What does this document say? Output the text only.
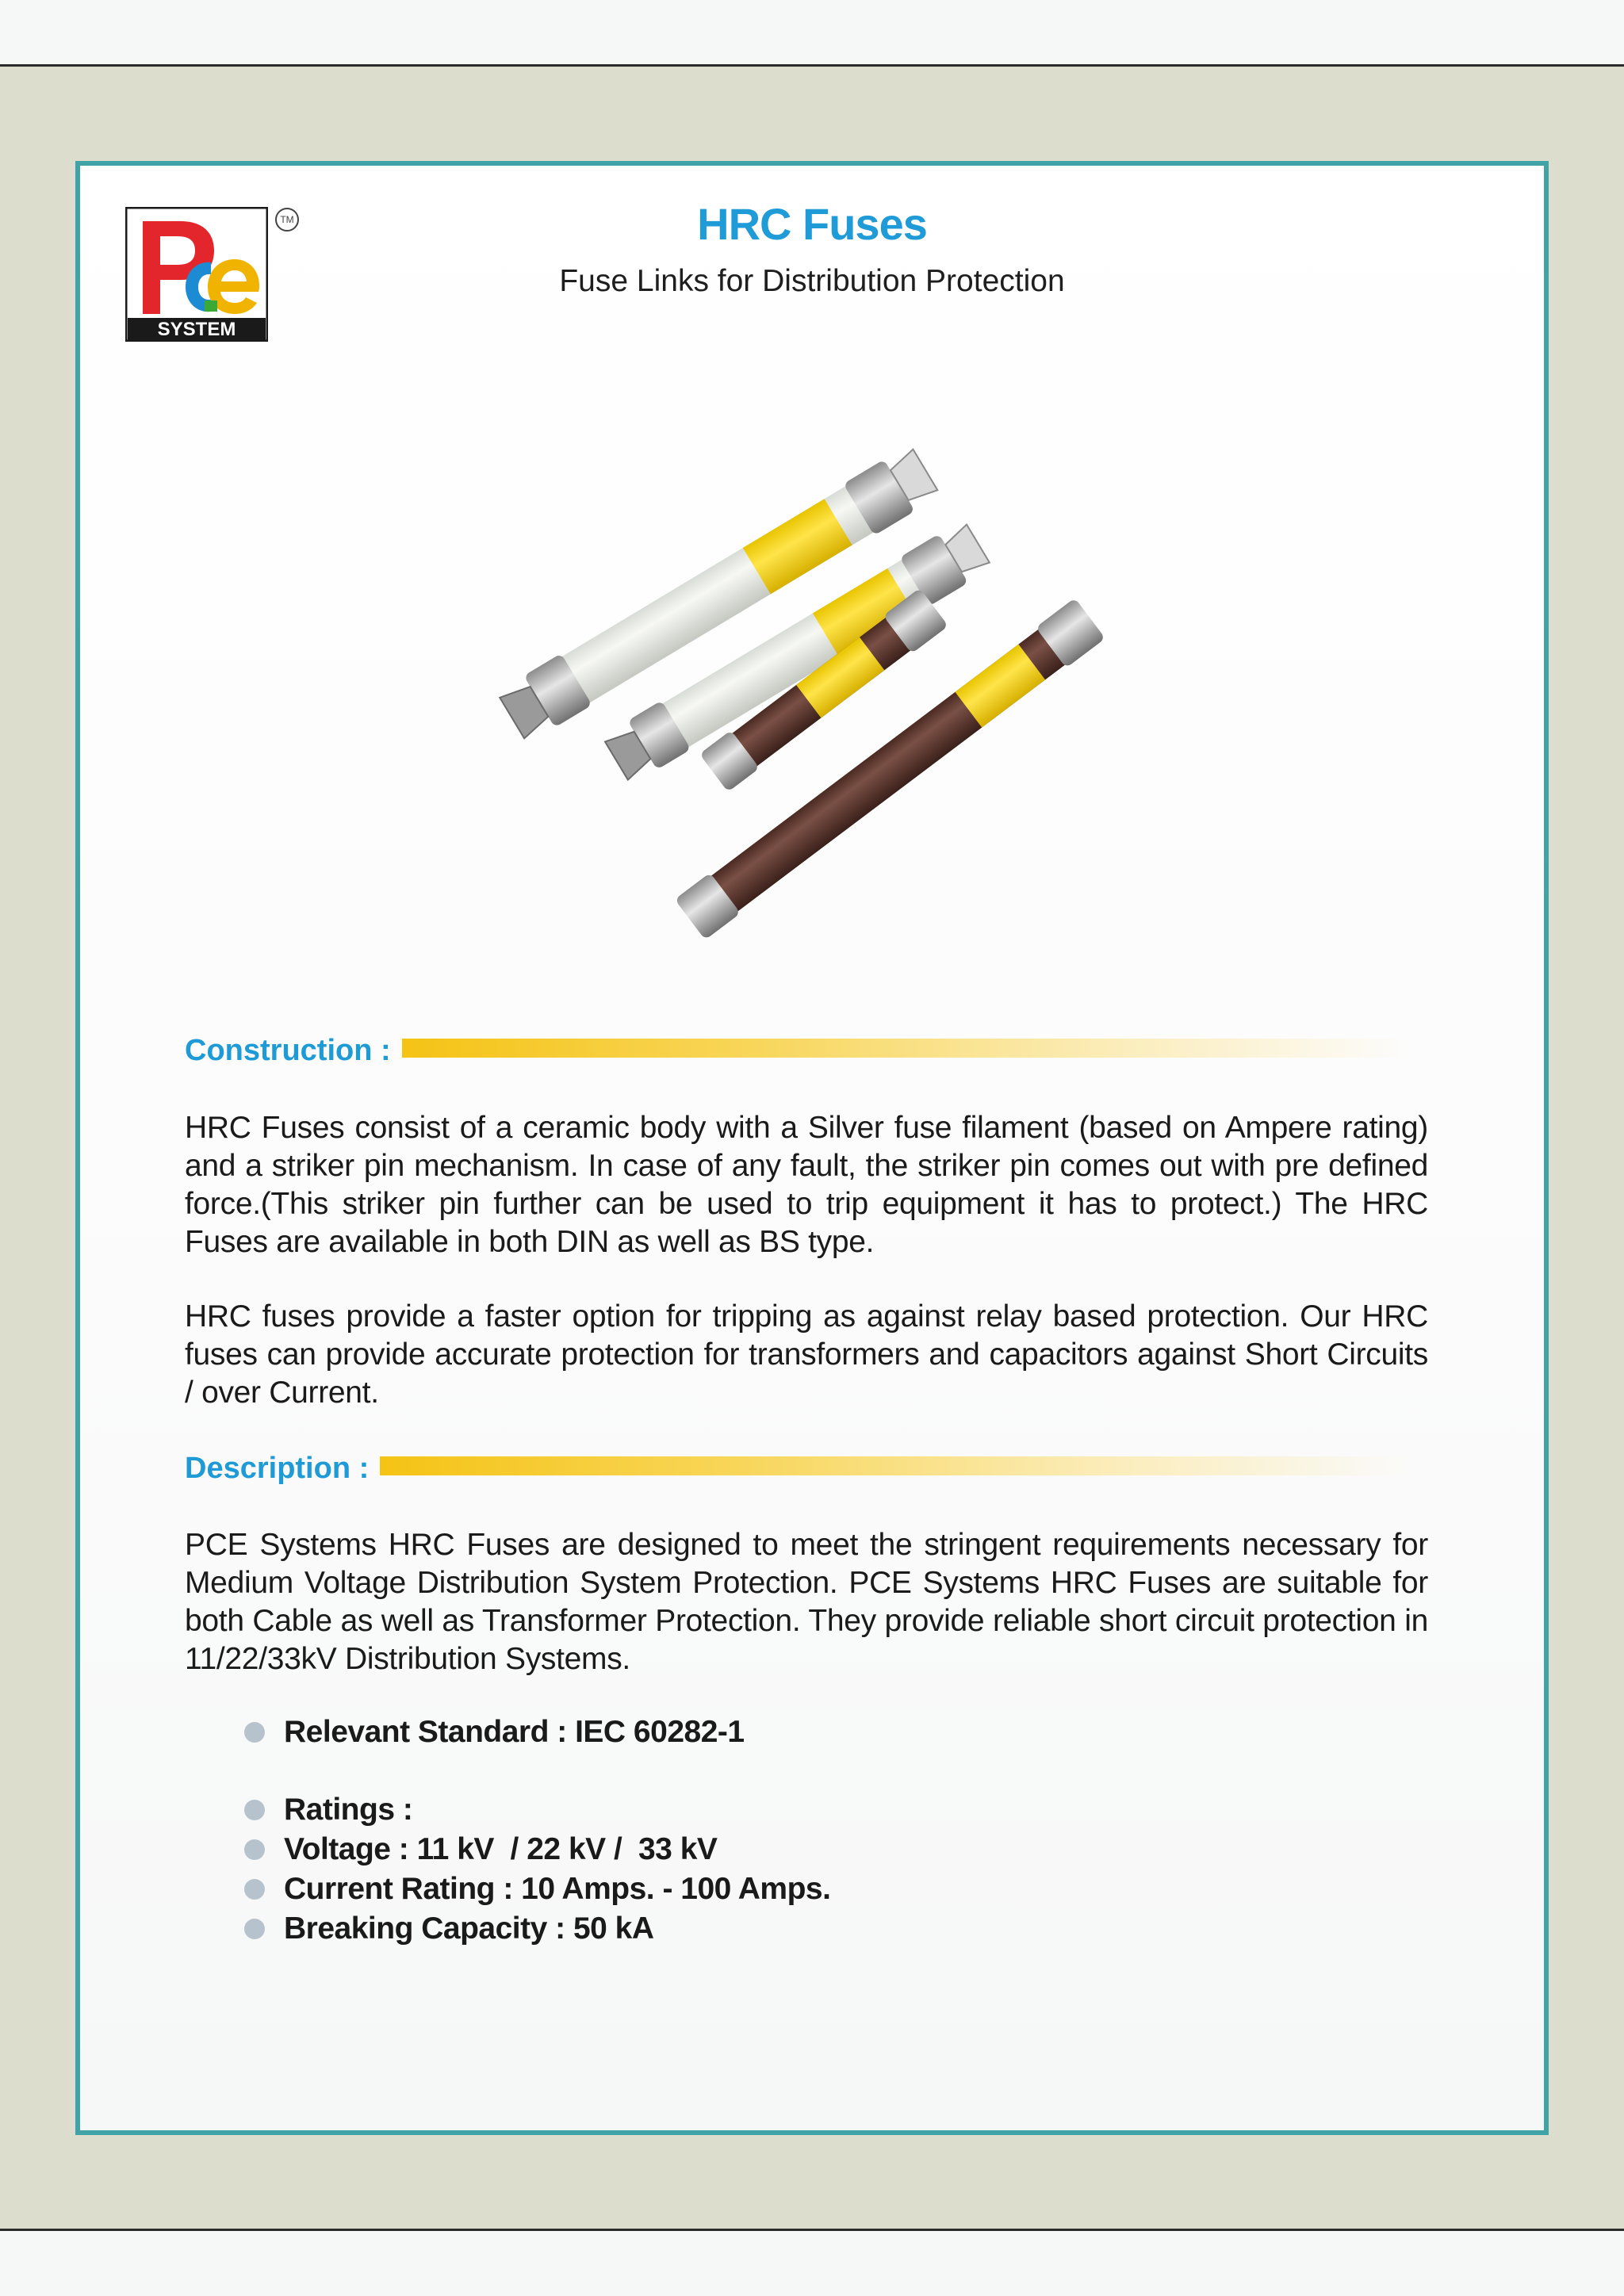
SYSTEM
TM	HRC Fuses
Fuse Links for Distribution Protection
Construction :
HRC Fuses consist of a ceramic body with a Silver fuse filament (based on Ampere rating) and a striker pin mechanism. In case of any fault, the striker pin comes out with pre defined force.(This striker pin further can be used to trip equipment it has to protect.) The HRC Fuses are available in both DIN as well as BS type.
HRC fuses provide a faster option for tripping as against relay based protection. Our HRC fuses can provide accurate protection for transformers and capacitors against Short Circuits / over Current.
Description :
PCE Systems HRC Fuses are designed to meet the stringent requirements necessary for Medium Voltage Distribution System Protection. PCE Systems HRC Fuses are suitable for both Cable as well as Transformer Protection. They provide reliable short circuit protection in 11/22/33kV Distribution Systems.
Relevant Standard : IEC 60282-1
Ratings :
Voltage : 11 kV  / 22 kV /  33 kV
Current Rating : 10 Amps. - 100 Amps.
Breaking Capacity : 50 kA
